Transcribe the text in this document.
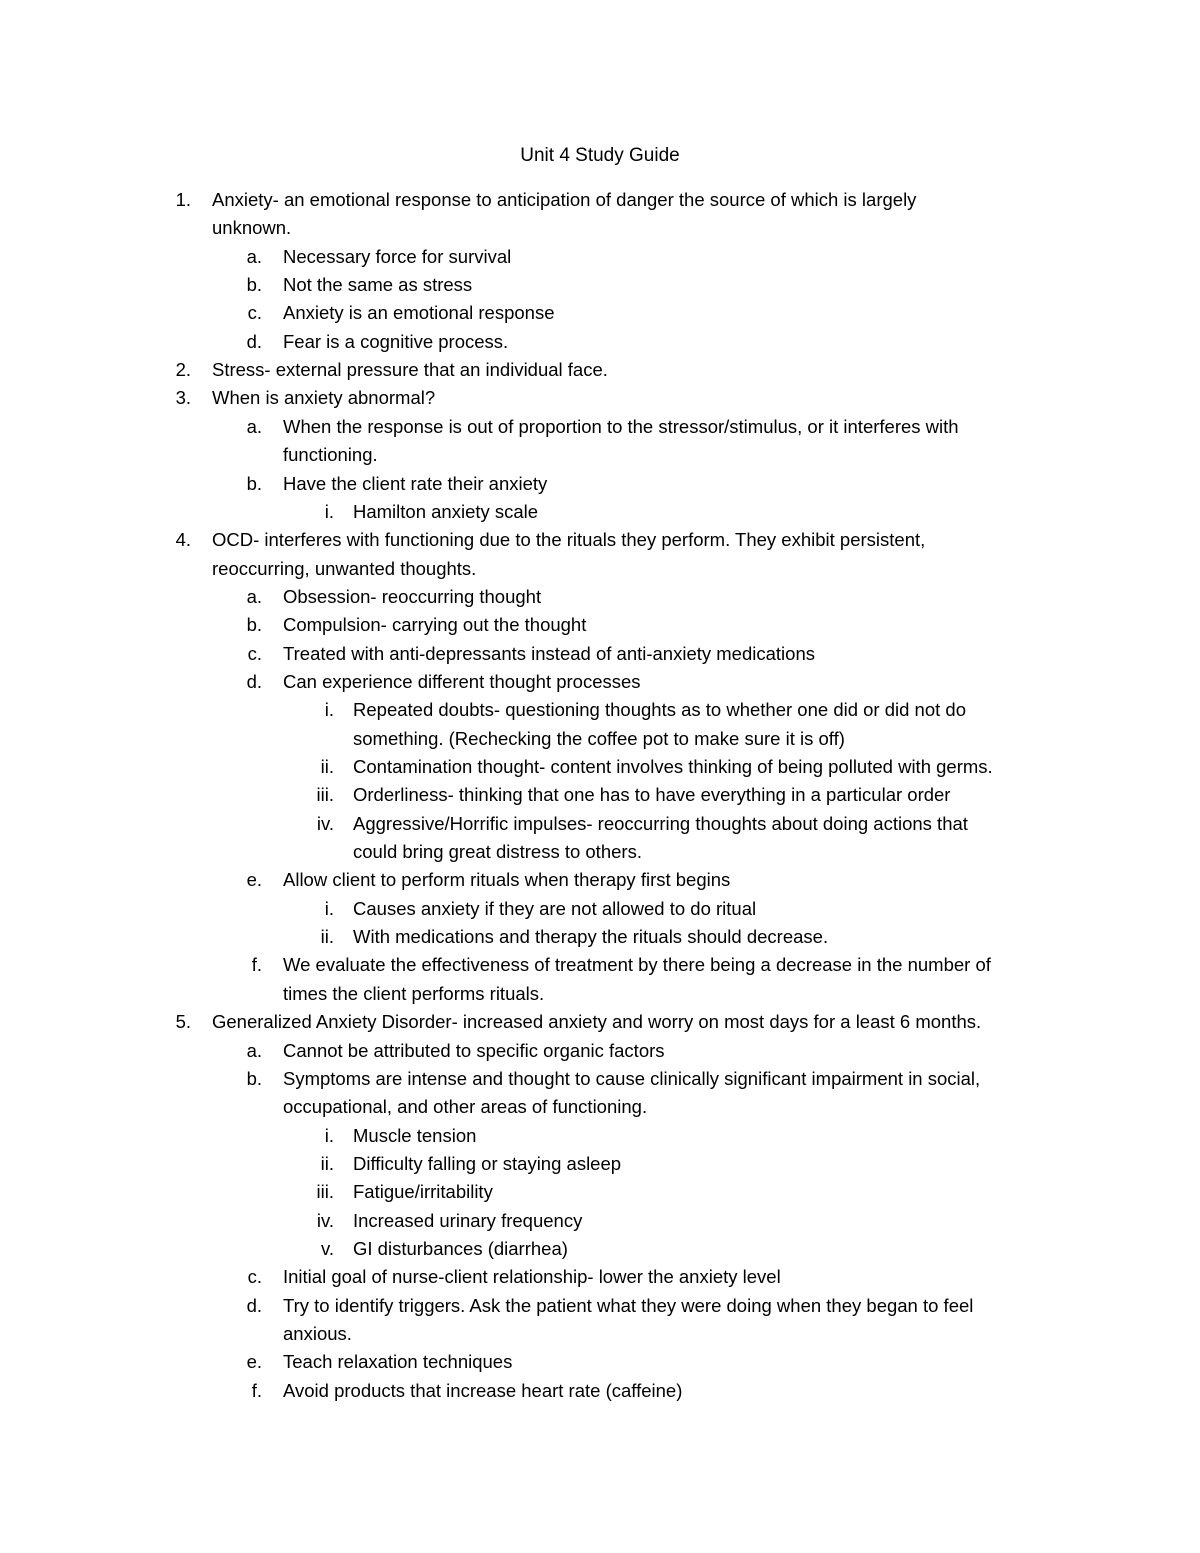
Unit 4 Study Guide
1. Anxiety- an emotional response to anticipation of danger the source of which is largely
unknown.
a. Necessary force for survival
b. Not the same as stress
c. Anxiety is an emotional response
d. Fear is a cognitive process.
2. Stress- external pressure that an individual face.
3. When is anxiety abnormal?
a. When the response is out of proportion to the stressor/stimulus, or it interferes with
functioning.
b. Have the client rate their anxiety
i. Hamilton anxiety scale
4. OCD- interferes with functioning due to the rituals they perform. They exhibit persistent,
reoccurring, unwanted thoughts.
a. Obsession- reoccurring thought
b. Compulsion- carrying out the thought
c. Treated with anti-depressants instead of anti-anxiety medications
d. Can experience different thought processes
i. Repeated doubts- questioning thoughts as to whether one did or did not do
something. (Rechecking the coffee pot to make sure it is off)
ii. Contamination thought- content involves thinking of being polluted with germs.
iii. Orderliness- thinking that one has to have everything in a particular order
iv. Aggressive/Horrific impulses- reoccurring thoughts about doing actions that
could bring great distress to others.
e. Allow client to perform rituals when therapy first begins
i. Causes anxiety if they are not allowed to do ritual
ii. With medications and therapy the rituals should decrease.
f. We evaluate the effectiveness of treatment by there being a decrease in the number of
times the client performs rituals.
5. Generalized Anxiety Disorder- increased anxiety and worry on most days for a least 6 months.
a. Cannot be attributed to specific organic factors
b. Symptoms are intense and thought to cause clinically significant impairment in social,
occupational, and other areas of functioning.
i. Muscle tension
ii. Difficulty falling or staying asleep
iii. Fatigue/irritability
iv. Increased urinary frequency
v. GI disturbances (diarrhea)
c. Initial goal of nurse-client relationship- lower the anxiety level
d. Try to identify triggers. Ask the patient what they were doing when they began to feel
anxious.
e. Teach relaxation techniques
f. Avoid products that increase heart rate (caffeine)
